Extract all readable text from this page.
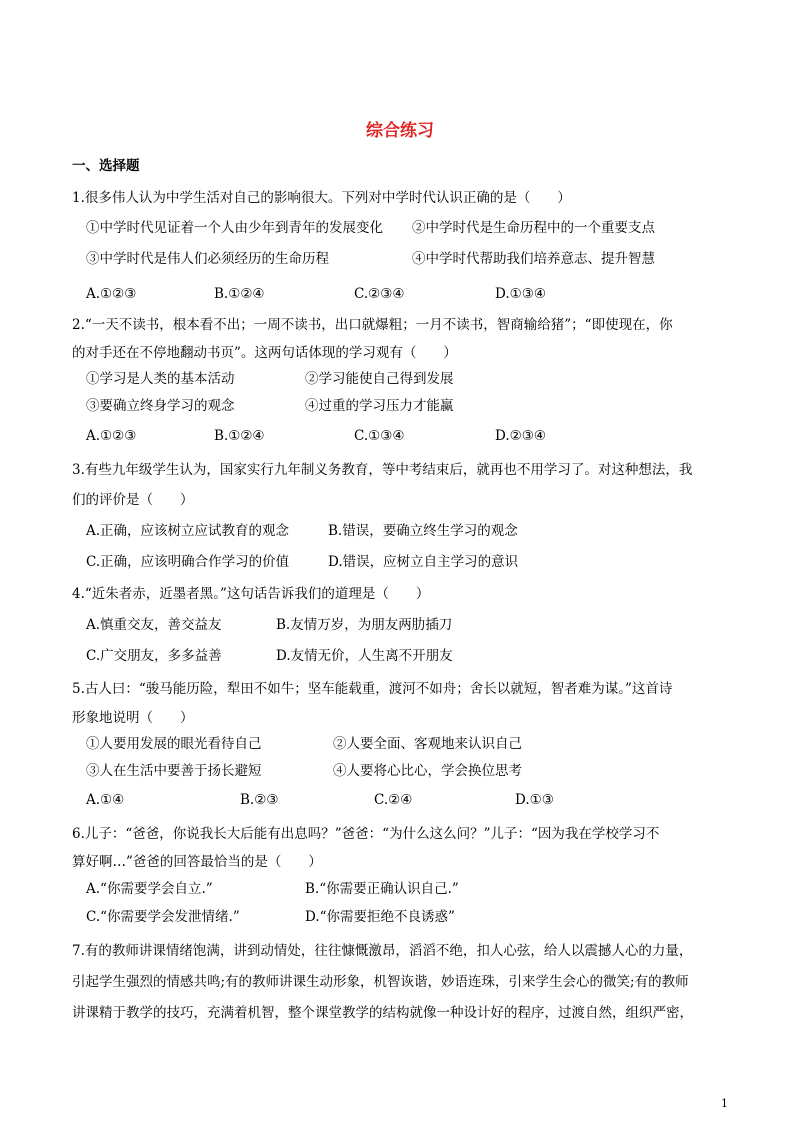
综合练习
一、选择题
1.很多伟人认为中学生活对自己的影响很大。下列对中学时代认识正确的是（　　）
①中学时代见证着一个人由少年到青年的发展变化 ②中学时代是生命历程中的一个重要支点
③中学时代是伟人们必须经历的生命历程	④中学时代帮助我们培养意志、提升智慧
A.①②③	B.①②④	C.②③④	D.①③④
2.“一天不读书，根本看不出；一周不读书，出口就爆粗；一月不读书，智商输给猪”；“即使现在，你
的对手还在不停地翻动书页”。这两句话体现的学习观有（　　）
①学习是人类的基本活动	②学习能使自己得到发展
③要确立终身学习的观念	④过重的学习压力才能赢
A.①②③	B.①②④	C.①③④	D.②③④
3.有些九年级学生认为，国家实行九年制义务教育，等中考结束后，就再也不用学习了。对这种想法，我
们的评价是（　　）
A.正确，应该树立应试教育的观念	B.错误，要确立终生学习的观念
C.正确，应该明确合作学习的价值	D.错误，应树立自主学习的意识
4.“近朱者赤，近墨者黑。”这句话告诉我们的道理是（　　）
A.慎重交友，善交益友	B.友情万岁，为朋友两肋插刀
C.广交朋友，多多益善	D.友情无价，人生离不开朋友
5.古人曰：“骏马能历险，犁田不如牛；坚车能载重，渡河不如舟；舍长以就短，智者难为谋。”这首诗
形象地说明（　　）
①人要用发展的眼光看待自己	②人要全面、客观地来认识自己
③人在生活中要善于扬长避短	④人要将心比心，学会换位思考
A.①④	B.②③	C.②④	D.①③
6.儿子：“爸爸，你说我长大后能有出息吗？”爸爸：“为什么这么问？”儿子：“因为我在学校学习不
算好啊…”爸爸的回答最恰当的是（　　）
A.“你需要学会自立.”	B.“你需要正确认识自己.”
C.“你需要学会发泄情绪.”	D.“你需要拒绝不良诱惑”
7.有的教师讲课情绪饱满，讲到动情处，往往慷慨激昂，滔滔不绝，扣人心弦，给人以震撼人心的力量，
引起学生强烈的情感共鸣;有的教师讲课生动形象，机智诙谐，妙语连珠，引来学生会心的微笑;有的教师
讲课精于教学的技巧，充满着机智，整个课堂教学的结构就像一种设计好的程序，过渡自然，组织严密，
1
